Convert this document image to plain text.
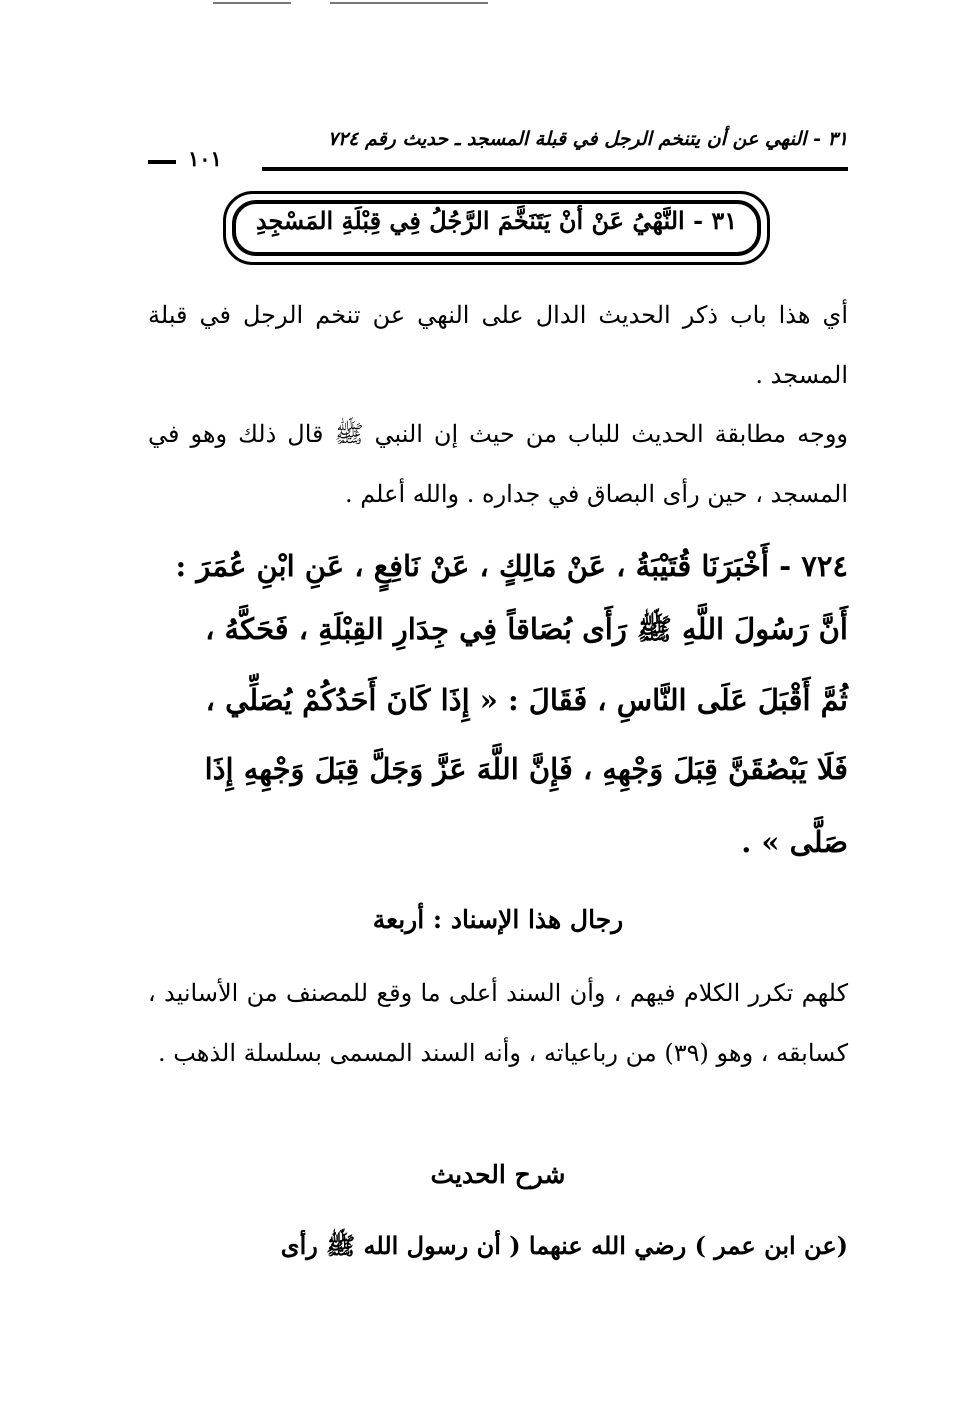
٣١ - النهي عن أن يتنخم الرجل في قبلة المسجد ـ حديث رقم ٧٢٤
١٠١
٣١ - النَّهْيُ عَنْ أنْ يَتَنَخَّمَ الرَّجُلُ فِي قِبْلَةِ المَسْجِدِ
أي هذا باب ذكر الحديث الدال على النهي عن تنخم الرجل في قبلة المسجد .
ووجه مطابقة الحديث للباب من حيث إن النبي ﷺ قال ذلك وهو في المسجد ، حين رأى البصاق في جداره . والله أعلم .
٧٢٤ - أَخْبَرَنَا قُتَيْبَةُ ، عَنْ مَالِكٍ ، عَنْ نَافِعٍ ، عَنِ ابْنِ عُمَرَ :
أَنَّ رَسُولَ اللَّهِ ﷺ رَأَى بُصَاقاً فِي جِدَارِ القِبْلَةِ ، فَحَكَّهُ ،
ثُمَّ أَقْبَلَ عَلَى النَّاسِ ، فَقَالَ : « إِذَا كَانَ أَحَدُكُمْ يُصَلِّي ،
فَلَا يَبْصُقَنَّ قِبَلَ وَجْهِهِ ، فَإِنَّ اللَّهَ عَزَّ وَجَلَّ قِبَلَ وَجْهِهِ إِذَا
صَلَّى » .
رجال هذا الإسناد : أربعة
كلهم تكرر الكلام فيهم ، وأن السند أعلى ما وقع للمصنف من الأسانيد ، كسابقه ، وهو (٣٩) من رباعياته ، وأنه السند المسمى بسلسلة الذهب .
شرح الحديث
(عن ابن عمر ) رضي الله عنهما ( أن رسول الله ﷺ رأى
